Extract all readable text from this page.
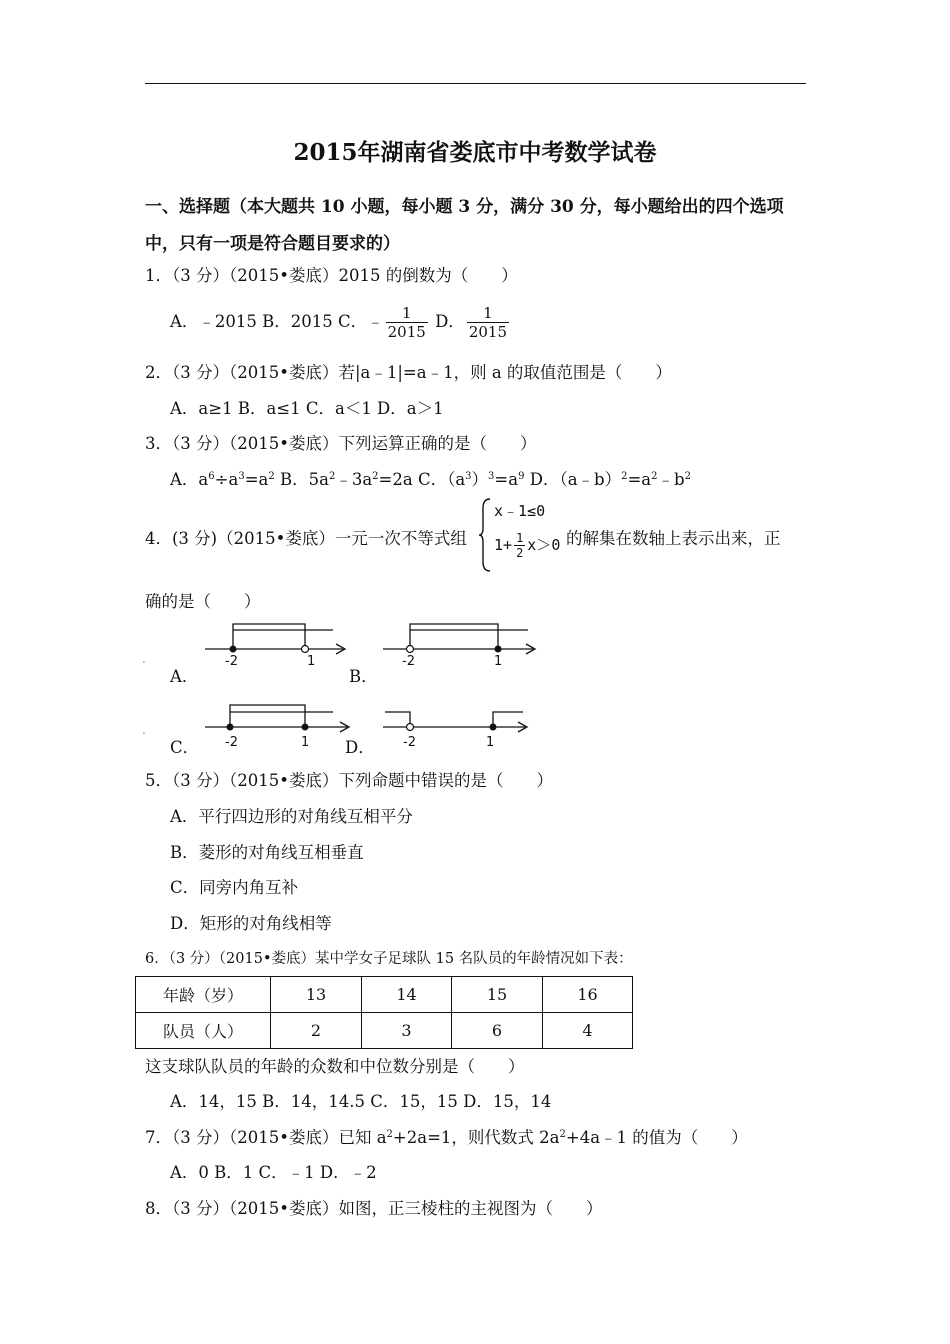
2015年湖南省娄底市中考数学试卷
一、选择题（本大题共 10 小题，每小题 3 分，满分 30 分，每小题给出的四个选项
中，只有一项是符合题目要求的）
1．（3 分）（2015•娄底）2015 的倒数为（　　）
A．﹣2015 B．2015 C．﹣ $\frac{1}{2015}$ D． $\frac{1}{2015}$
2．（3 分）（2015•娄底）若|a﹣1|=a﹣1，则 a 的取值范围是（　　）
A．a≥1 B．a≤1 C．a＜1 D．a＞1
3．（3 分）（2015•娄底）下列运算正确的是（　　）
A．$a^6\div a^3=a^2$ B．$5a^2﹣3a^2=2a$ C．$(a^3)^3=a^9$ D．$(a﹣b)^2=a^2﹣b^2$
4．(3 分)（2015•娄底）一元一次不等式组
x﹣1≤0
$1+ \frac{1}{2} x>0$ 的解集在数轴上表示出来，正
确的是（　　）
.
A．
-2	1
B．
-2	1
.
C． -2	1 D． -2	1
5．（3 分）（2015•娄底）下列命题中错误的是（　　）
A．平行四边形的对角线互相平分
B．菱形的对角线互相垂直
C．同旁内角互补
D．矩形的对角线相等
6．（3 分）（2015•娄底）某中学女子足球队 15 名队员的年龄情况如下表：
年龄（岁）	13	14	15	16
队员（人）	2	3	6	4
这支球队队员的年龄的众数和中位数分别是（　　）
A．14，15 B．14，14.5 C．15，15 D．15，14
7．（3 分）（2015•娄底）已知 $a^2+2a=1$，则代数式 $2a^2+4a﹣1$ 的值为（　　）
A．0 B．1 C．﹣1 D．﹣2
8．（3 分）（2015•娄底）如图，正三棱柱的主视图为（　　）
